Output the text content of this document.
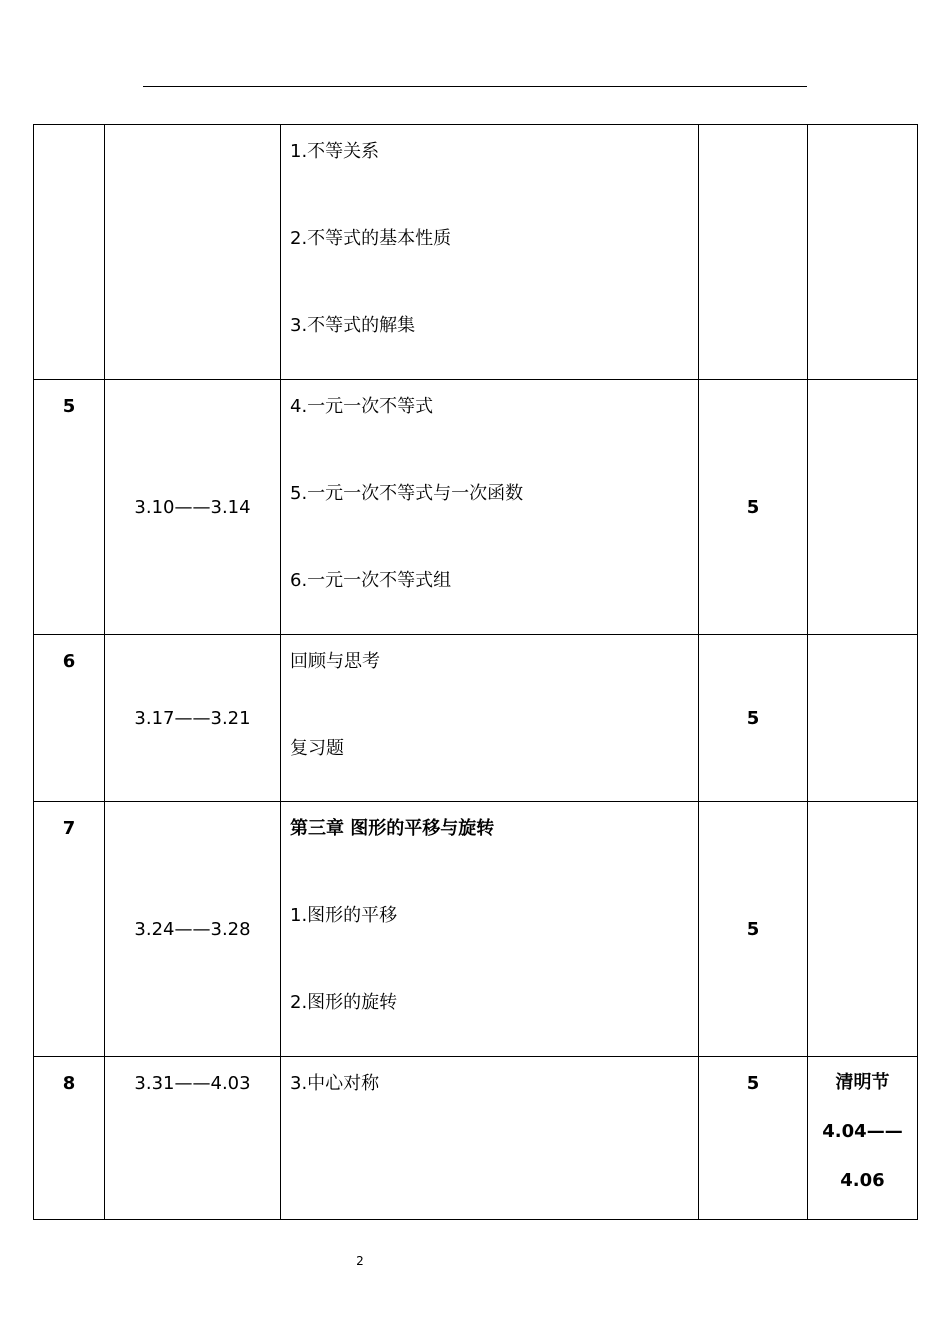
		1.不等关系
2.不等式的基本性质
3.不等式的解集		

5	3.10——3.14	4.一元一次不等式
5.一元一次不等式与一次函数
6.一元一次不等式组	5	
6	3.17——3.21	回顾与思考
复习题	5	
7	3.24——3.28	第三章 图形的平移与旋转
1.图形的平移
2.图形的旋转	5	
8	3.31——4.03	3.中心对称	5	清明节
4.04——
4.06
2
